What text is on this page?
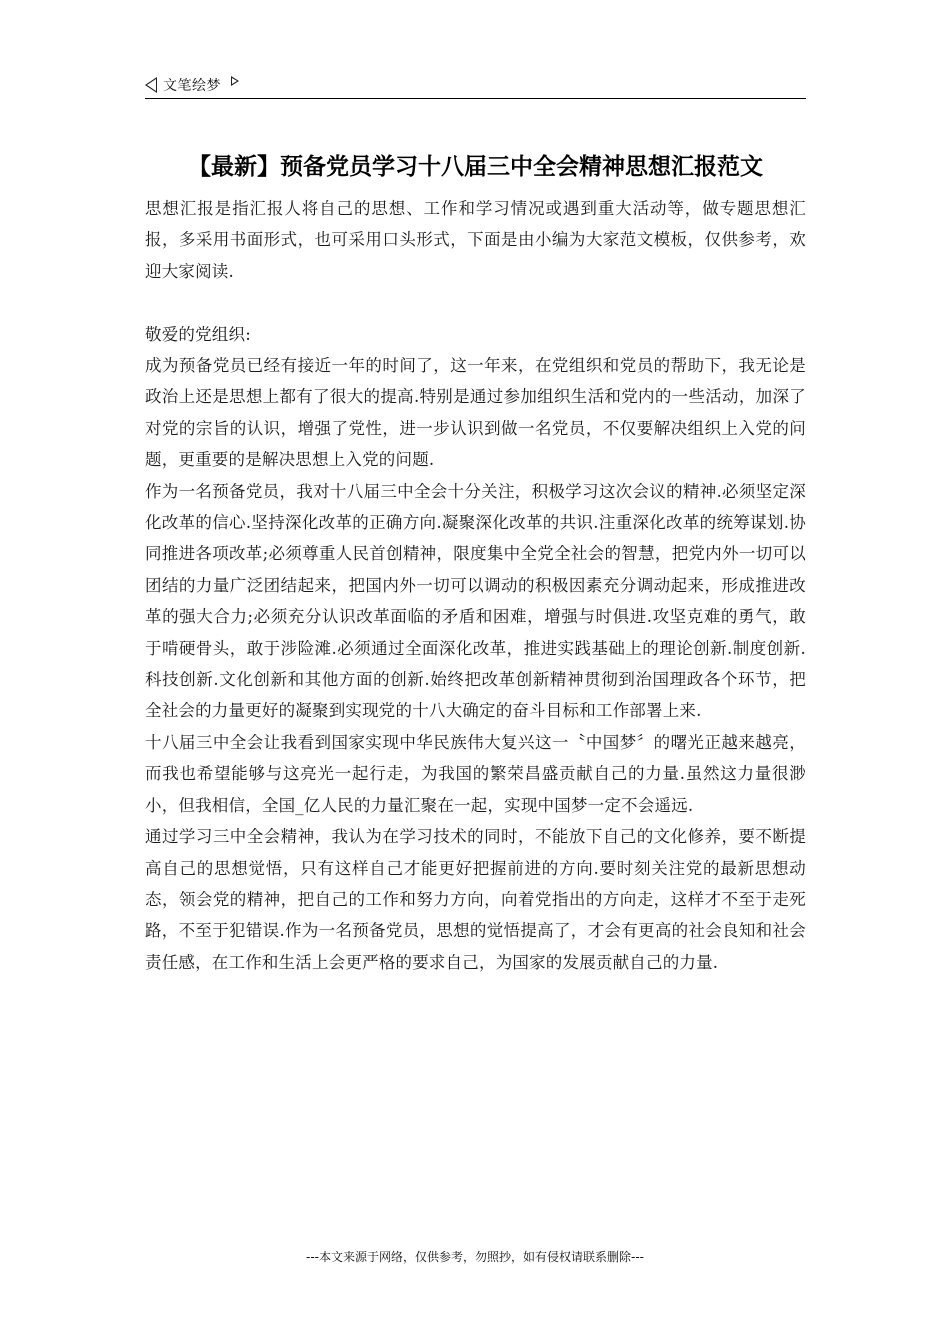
文笔绘梦
【最新】预备党员学习十八届三中全会精神思想汇报范文

思想汇报是指汇报人将自己的思想、工作和学习情况或遇到重大活动等，做专题思想汇报，多采用书面形式，也可采用口头形式，下面是由小编为大家范文模板，仅供参考，欢迎大家阅读.

敬爱的党组织:

成为预备党员已经有接近一年的时间了，这一年来，在党组织和党员的帮助下，我无论是政治上还是思想上都有了很大的提高.特别是通过参加组织生活和党内的一些活动，加深了对党的宗旨的认识，增强了党性，进一步认识到做一名党员，不仅要解决组织上入党的问题，更重要的是解决思想上入党的问题.

作为一名预备党员，我对十八届三中全会十分关注，积极学习这次会议的精神.必须坚定深化改革的信心.坚持深化改革的正确方向.凝聚深化改革的共识.注重深化改革的统筹谋划.协同推进各项改革;必须尊重人民首创精神，限度集中全党全社会的智慧，把党内外一切可以团结的力量广泛团结起来，把国内外一切可以调动的积极因素充分调动起来，形成推进改革的强大合力;必须充分认识改革面临的矛盾和困难，增强与时俱进.攻坚克难的勇气，敢于啃硬骨头，敢于涉险滩.必须通过全面深化改革，推进实践基础上的理论创新.制度创新.科技创新.文化创新和其他方面的创新.始终把改革创新精神贯彻到治国理政各个环节，把全社会的力量更好的凝聚到实现党的十八大确定的奋斗目标和工作部署上来.

十八届三中全会让我看到国家实现中华民族伟大复兴这一〝中国梦〞的曙光正越来越亮，而我也希望能够与这亮光一起行走，为我国的繁荣昌盛贡献自己的力量.虽然这力量很渺小，但我相信，全国_亿人民的力量汇聚在一起，实现中国梦一定不会遥远.

通过学习三中全会精神，我认为在学习技术的同时，不能放下自己的文化修养，要不断提高自己的思想觉悟，只有这样自己才能更好把握前进的方向.要时刻关注党的最新思想动态，领会党的精神，把自己的工作和努力方向，向着党指出的方向走，这样才不至于走死路，不至于犯错误.作为一名预备党员，思想的觉悟提高了，才会有更高的社会良知和社会责任感，在工作和生活上会更严格的要求自己，为国家的发展贡献自己的力量.

---本文来源于网络，仅供参考，勿照抄，如有侵权请联系删除---
